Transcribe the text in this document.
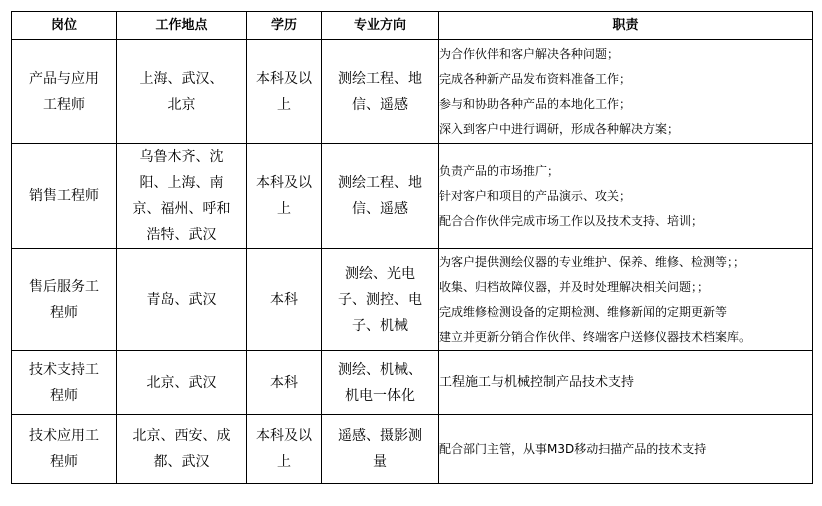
岗位	工作地点	学历	专业方向	职责
产品与应用工程师	上海、武汉、北京	本科及以上	测绘工程、地信、遥感	为合作伙伴和客户解决各种问题；
完成各种新产品发布资料准备工作；
参与和协助各种产品的本地化工作；
深入到客户中进行调研，形成各种解决方案；

销售工程师	乌鲁木齐、沈阳、上海、南京、福州、呼和浩特、武汉	本科及以上	测绘工程、地信、遥感	负责产品的市场推广；
针对客户和项目的产品演示、攻关；
配合合作伙伴完成市场工作以及技术支持、培训；

售后服务工程师	青岛、武汉	本科	测绘、光电子、测控、电子、机械	为客户提供测绘仪器的专业维护、保养、维修、检测等；；
收集、归档故障仪器，并及时处理解决相关问题；；
完成维修检测设备的定期检测、维修新闻的定期更新等
建立并更新分销合作伙伴、终端客户送修仪器技术档案库。

技术支持工程师	北京、武汉	本科	测绘、机械、机电一体化	工程施工与机械控制产品技术支持

技术应用工程师	北京、西安、成都、武汉	本科及以上	遥感、摄影测量	配合部门主管，从事M3D移动扫描产品的技术支持
